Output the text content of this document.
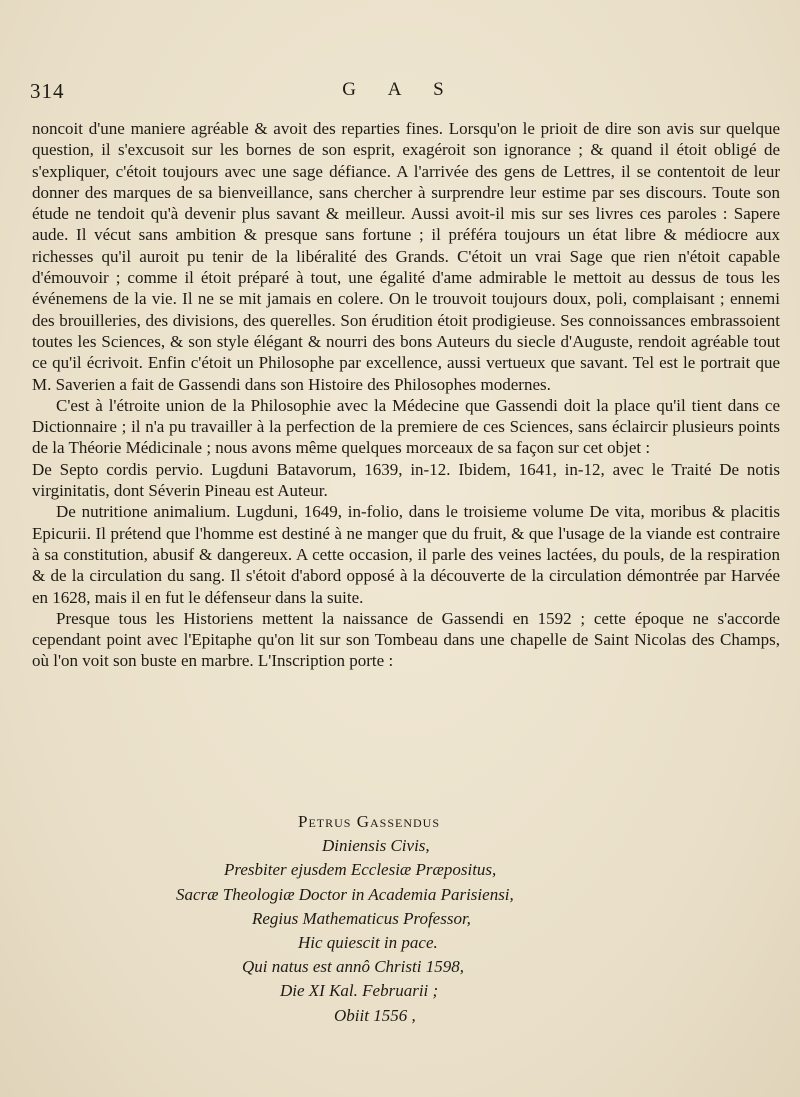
314	G A S

noncoit d'une maniere agréable & avoit des reparties fines. Lorsqu'on le prioit de dire son avis sur quelque question, il s'excusoit sur les bornes de son esprit, exagéroit son ignorance ; & quand il étoit obligé de s'expliquer, c'étoit toujours avec une sage défiance. A l'arrivée des gens de Lettres, il se contentoit de leur donner des marques de sa bienveillance, sans chercher à surprendre leur estime par ses discours. Toute son étude ne tendoit qu'à devenir plus savant & meilleur. Aussi avoit-il mis sur ses livres ces paroles : Sapere aude. Il vécut sans ambition & presque sans fortune ; il préféra toujours un état libre & médiocre aux richesses qu'il auroit pu tenir de la libéralité des Grands. C'étoit un vrai Sage que rien n'étoit capable d'émouvoir ; comme il étoit préparé à tout, une égalité d'ame admirable le mettoit au dessus de tous les événemens de la vie. Il ne se mit jamais en colere. On le trouvoit toujours doux, poli, complaisant ; ennemi des brouilleries, des divisions, des querelles. Son érudition étoit prodigieuse. Ses connoissances embrassoient toutes les Sciences, & son style élégant & nourri des bons Auteurs du siecle d'Auguste, rendoit agréable tout ce qu'il écrivoit. Enfin c'étoit un Philosophe par excellence, aussi vertueux que savant. Tel est le portrait que M. Saverien a fait de Gassendi dans son Histoire des Philosophes modernes.

C'est à l'étroite union de la Philosophie avec la Médecine que Gassendi doit la place qu'il tient dans ce Dictionnaire ; il n'a pu travailler à la perfection de la premiere de ces Sciences, sans éclaircir plusieurs points de la Théorie Médicinale ; nous avons même quelques morceaux de sa façon sur cet objet :

De Septo cordis pervio. Lugduni Batavorum, 1639, in-12. Ibidem, 1641, in-12, avec le Traité De notis virginitatis, dont Séverin Pineau est Auteur.

De nutritione animalium. Lugduni, 1649, in-folio, dans le troisieme volume De vita, moribus & placitis Epicurii. Il prétend que l'homme est destiné à ne manger que du fruit, & que l'usage de la viande est contraire à sa constitution, abusif & dangereux. A cette occasion, il parle des veines lactées, du pouls, de la respiration & de la circulation du sang. Il s'étoit d'abord opposé à la découverte de la circulation démontrée par Harvée en 1628, mais il en fut le défenseur dans la suite.

Presque tous les Historiens mettent la naissance de Gassendi en 1592 ; cette époque ne s'accorde cependant point avec l'Epitaphe qu'on lit sur son Tombeau dans une chapelle de Saint Nicolas des Champs, où l'on voit son buste en marbre. L'Inscription porte :

Petrus Gassendus
Diniensis Civis,
Presbiter ejusdem Ecclesiæ Præpositus,
Sacræ Theologiæ Doctor in Academia Parisiensi,
Regius Mathematicus Professor,
Hic quiescit in pace.
Qui natus est annô Christi 1598,
Die XI Kal. Februarii ;
Obiit 1556 ,
